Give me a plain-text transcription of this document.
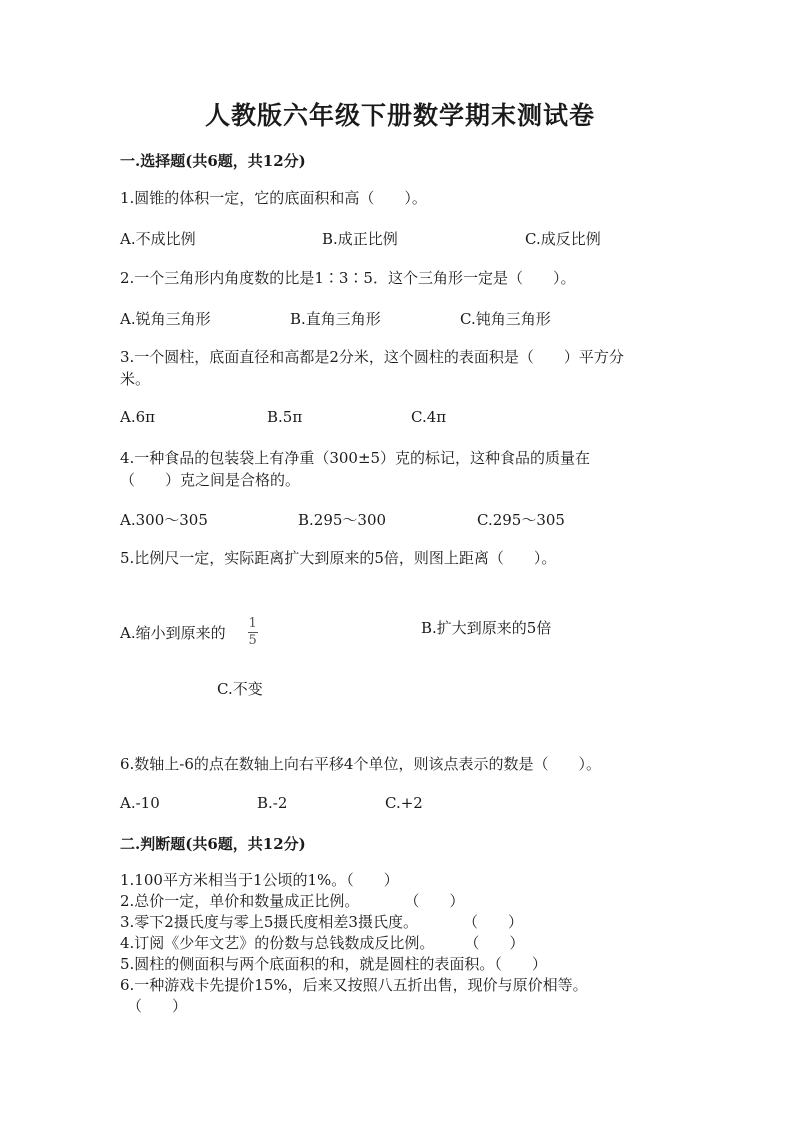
人教版六年级下册数学期末测试卷
一.选择题(共6题，共12分)
1.圆锥的体积一定，它的底面积和高（　　）。
A.不成比例	B.成正比例	C.成反比例
2.一个三角形内角度数的比是1∶3∶5．这个三角形一定是（　　）。
A.锐角三角形	B.直角三角形	C.钝角三角形
3.一个圆柱，底面直径和高都是2分米，这个圆柱的表面积是（　　）平方分
米。
A.6π	B.5π	C.4π
4.一种食品的包装袋上有净重（300±5）克的标记，这种食品的质量在
（　　）克之间是合格的。
A.300～305	B.295～300	C.295～305
5.比例尺一定，实际距离扩大到原来的5倍，则图上距离（　　）。
A.缩小到原来的 $\frac{1}{5}$	B.扩大到原来的5倍
C.不变
6.数轴上-6的点在数轴上向右平移4个单位，则该点表示的数是（　　）。
A.-10	B.-2	C.+2
二.判断题(共6题，共12分)
1.100平方米相当于1公顷的1%。（　　）
2.总价一定，单价和数量成正比例。　　　　（　　）
3.零下2摄氏度与零上5摄氏度相差3摄氏度。　　　　（　　）
4.订阅《少年文艺》的份数与总钱数成反比例。　　　（　　）
5.圆柱的侧面积与两个底面积的和，就是圆柱的表面积。（　　）
6.一种游戏卡先提价15%，后来又按照八五折出售，现价与原价相等。
（　　）
